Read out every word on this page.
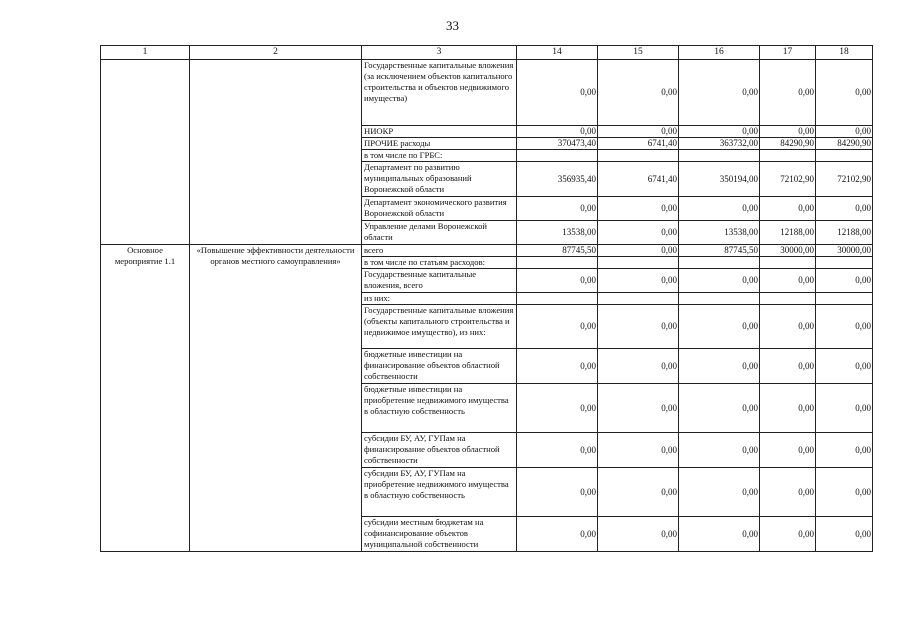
33
1	2	3	14	15	16	17	18
		Государственные капитальные вложения (за исключением объектов капитального строительства и объектов недвижимого имущества)	0,00	0,00	0,00	0,00	0,00
		НИОКР	0,00	0,00	0,00	0,00	0,00
		ПРОЧИЕ расходы	370473,40	6741,40	363732,00	84290,90	84290,90
		в том числе по ГРБС:					
		Департамент по развитию муниципальных образований Воронежской области	356935,40	6741,40	350194,00	72102,90	72102,90
		Департамент экономического развития Воронежской области	0,00	0,00	0,00	0,00	0,00
		Управление делами Воронежской области	13538,00	0,00	13538,00	12188,00	12188,00
Основное мероприятие 1.1	«Повышение эффективности деятельности органов местного самоуправления»	всего	87745,50	0,00	87745,50	30000,00	30000,00
		в том числе по статьям расходов:					
		Государственные капитальные вложения, всего	0,00	0,00	0,00	0,00	0,00
		из них:					
		Государственные капитальные вложения (объекты капитального строительства и недвижимое имущество), из них:	0,00	0,00	0,00	0,00	0,00
		бюджетные инвестиции на финансирование объектов областной собственности	0,00	0,00	0,00	0,00	0,00
		бюджетные инвестиции на приобретение недвижимого имущества в областную собственность	0,00	0,00	0,00	0,00	0,00
		субсидии БУ, АУ, ГУПам на финансирование объектов областной собственности	0,00	0,00	0,00	0,00	0,00
		субсидии БУ, АУ, ГУПам на приобретение недвижимого имущества в областную собственность	0,00	0,00	0,00	0,00	0,00
		субсидии местным бюджетам на софинансирование объектов муниципальной собственности	0,00	0,00	0,00	0,00	0,00
